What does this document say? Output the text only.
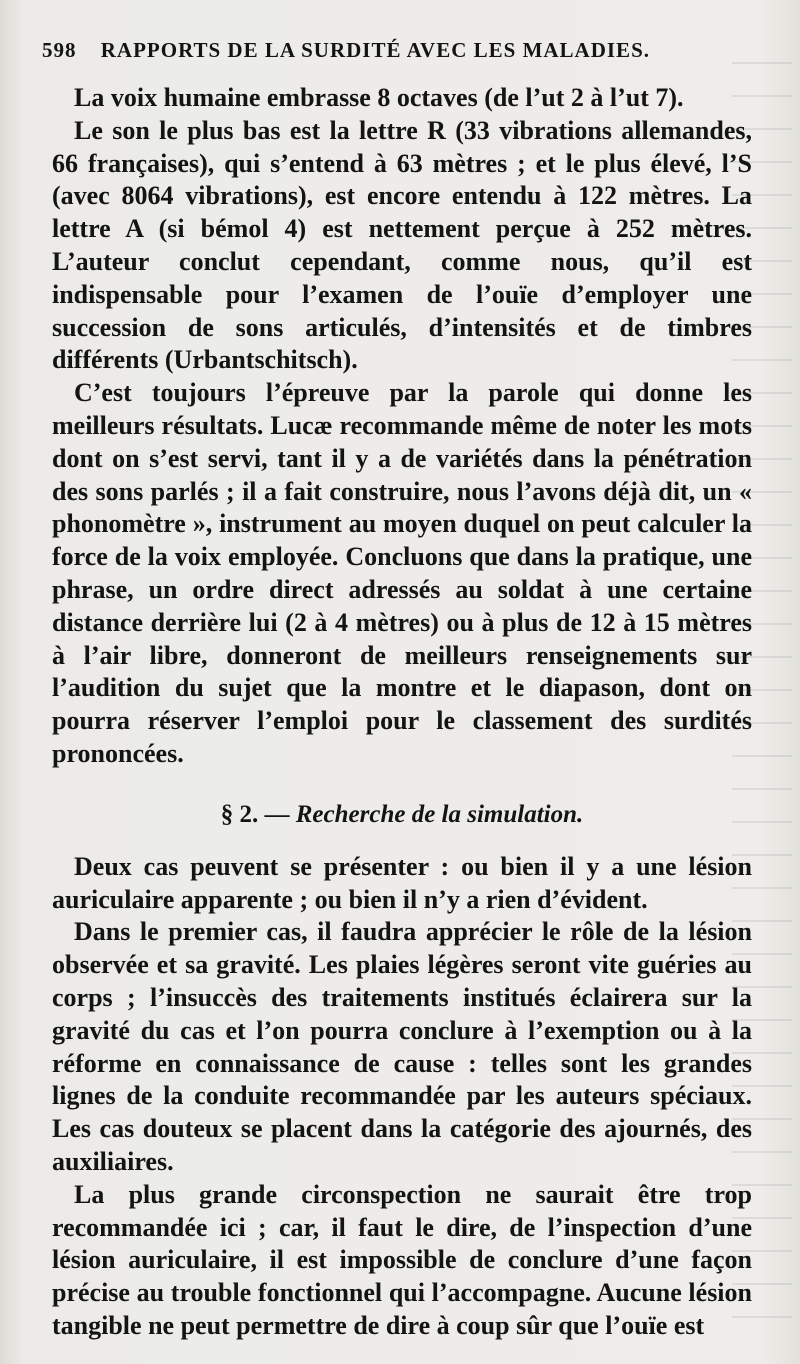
598 RAPPORTS DE LA SURDITÉ AVEC LES MALADIES.

La voix humaine embrasse 8 octaves (de l’ut 2 à l’ut 7).

Le son le plus bas est la lettre R (33 vibrations allemandes, 66 françaises), qui s’entend à 63 mètres ; et le plus élevé, l’S (avec 8064 vibrations), est encore entendu à 122 mètres. La lettre A (si bémol 4) est nettement perçue à 252 mètres. L’auteur conclut cependant, comme nous, qu’il est indispensable pour l’examen de l’ouïe d’employer une succession de sons articulés, d’intensités et de timbres différents (Urbantschitsch).

C’est toujours l’épreuve par la parole qui donne les meilleurs résultats. Lucæ recommande même de noter les mots dont on s’est servi, tant il y a de variétés dans la pénétration des sons parlés ; il a fait construire, nous l’avons déjà dit, un « phonomètre », instrument au moyen duquel on peut calculer la force de la voix employée. Concluons que dans la pratique, une phrase, un ordre direct adressés au soldat à une certaine distance derrière lui (2 à 4 mètres) ou à plus de 12 à 15 mètres à l’air libre, donneront de meilleurs renseignements sur l’audition du sujet que la montre et le diapason, dont on pourra réserver l’emploi pour le classement des surdités prononcées.

§ 2. — Recherche de la simulation.

Deux cas peuvent se présenter : ou bien il y a une lésion auriculaire apparente ; ou bien il n’y a rien d’évident.

Dans le premier cas, il faudra apprécier le rôle de la lésion observée et sa gravité. Les plaies légères seront vite guéries au corps ; l’insuccès des traitements institués éclairera sur la gravité du cas et l’on pourra conclure à l’exemption ou à la réforme en connaissance de cause : telles sont les grandes lignes de la conduite recommandée par les auteurs spéciaux. Les cas douteux se placent dans la catégorie des ajournés, des auxiliaires.

La plus grande circonspection ne saurait être trop recommandée ici ; car, il faut le dire, de l’inspection d’une lésion auriculaire, il est impossible de conclure d’une façon précise au trouble fonctionnel qui l’accompagne. Aucune lésion tangible ne peut permettre de dire à coup sûr que l’ouïe est
